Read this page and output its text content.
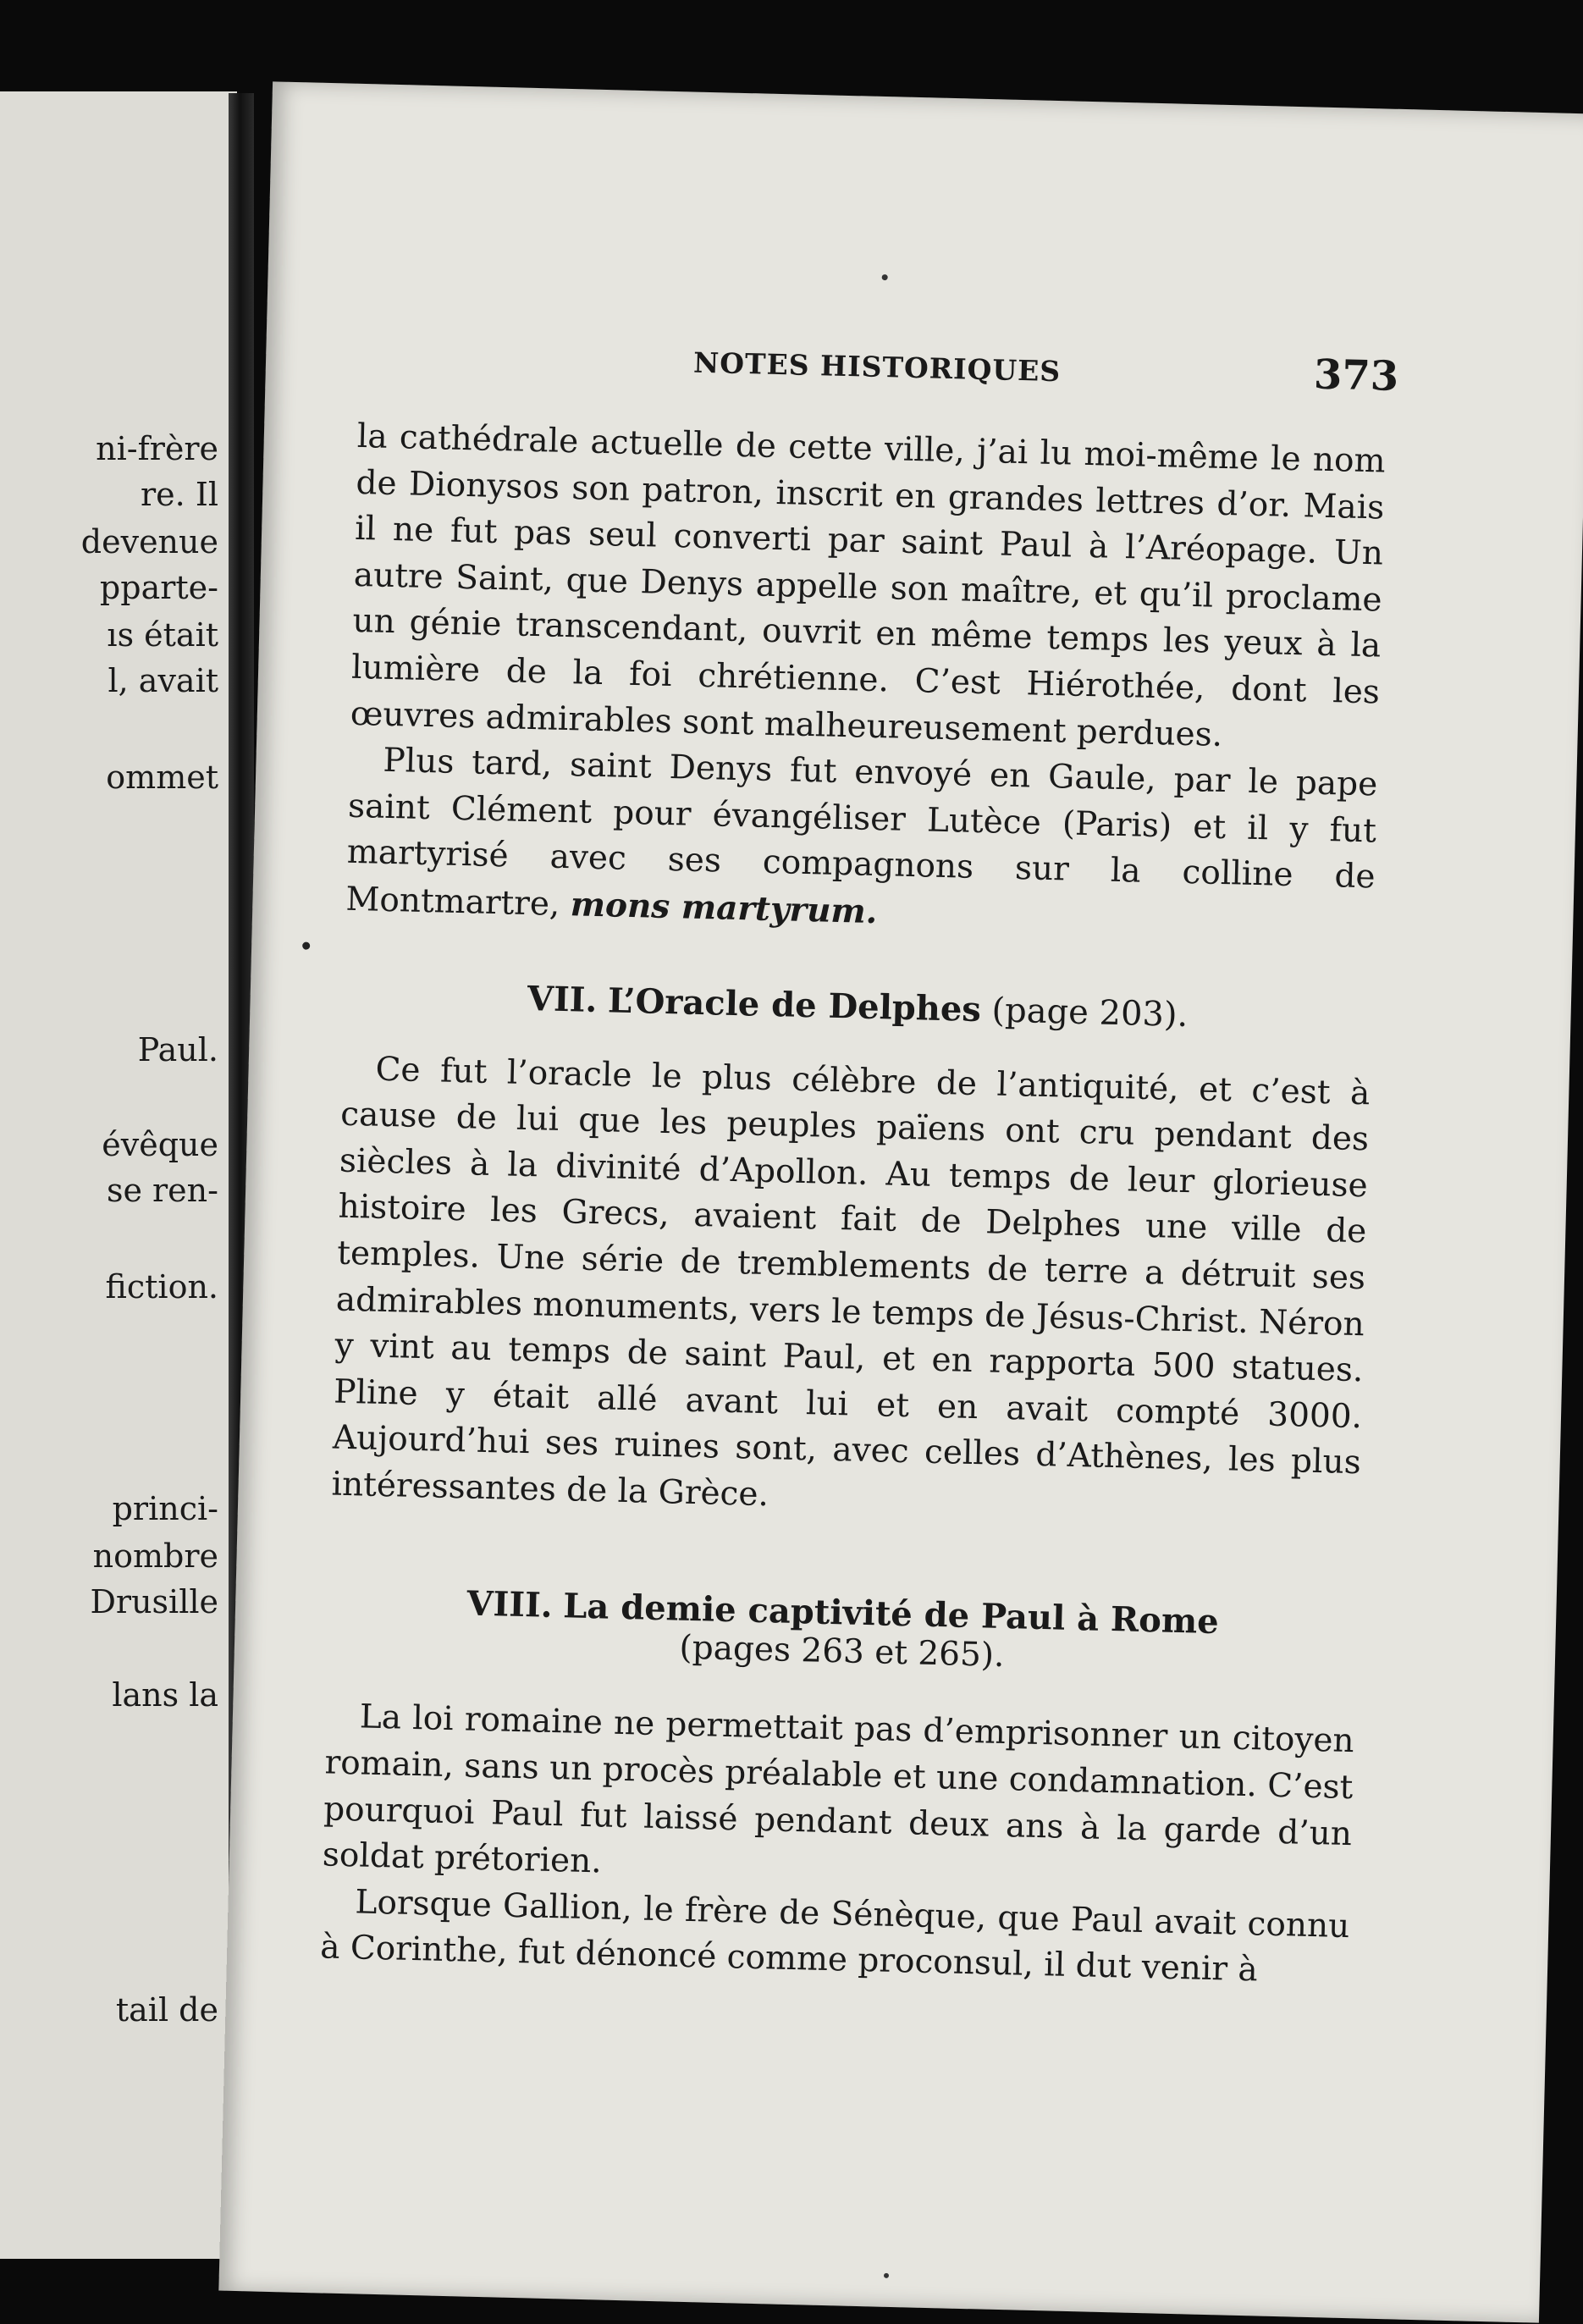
ni-frère
re. Il
devenue
pparte-
ıs était
l, avait
ommet
Paul.
évêque
se ren-
fiction.
princi-
nombre
Drusille
lans la
tail de
NOTES HISTORIQUES	373

la cathédrale actuelle de cette ville, j’ai lu moi-même le nom de Dionysos son patron, inscrit en grandes lettres d’or. Mais il ne fut pas seul converti par saint Paul à l’Aréopage. Un autre Saint, que Denys appelle son maître, et qu’il proclame un génie transcendant, ouvrit en même temps les yeux à la lumière de la foi chrétienne. C’est Hiérothée, dont les œuvres admirables sont malheureusement perdues.

Plus tard, saint Denys fut envoyé en Gaule, par le pape saint Clément pour évangéliser Lutèce (Paris) et il y fut martyrisé avec ses compagnons sur la colline de Montmartre, mons martyrum.

VII. L’Oracle de Delphes (page 203).

Ce fut l’oracle le plus célèbre de l’antiquité, et c’est à cause de lui que les peuples païens ont cru pendant des siècles à la divinité d’Apollon. Au temps de leur glorieuse histoire les Grecs, avaient fait de Delphes une ville de temples. Une série de tremblements de terre a détruit ses admirables monuments, vers le temps de Jésus-Christ. Néron y vint au temps de saint Paul, et en rapporta 500 statues. Pline y était allé avant lui et en avait compté 3000. Aujourd’hui ses ruines sont, avec celles d’Athènes, les plus intéressantes de la Grèce.

VIII. La demie captivité de Paul à Rome

(pages 263 et 265).

La loi romaine ne permettait pas d’emprisonner un citoyen romain, sans un procès préalable et une condamnation. C’est pourquoi Paul fut laissé pendant deux ans à la garde d’un soldat prétorien.

Lorsque Gallion, le frère de Sénèque, que Paul avait connu à Corinthe, fut dénoncé comme proconsul, il dut venir à
